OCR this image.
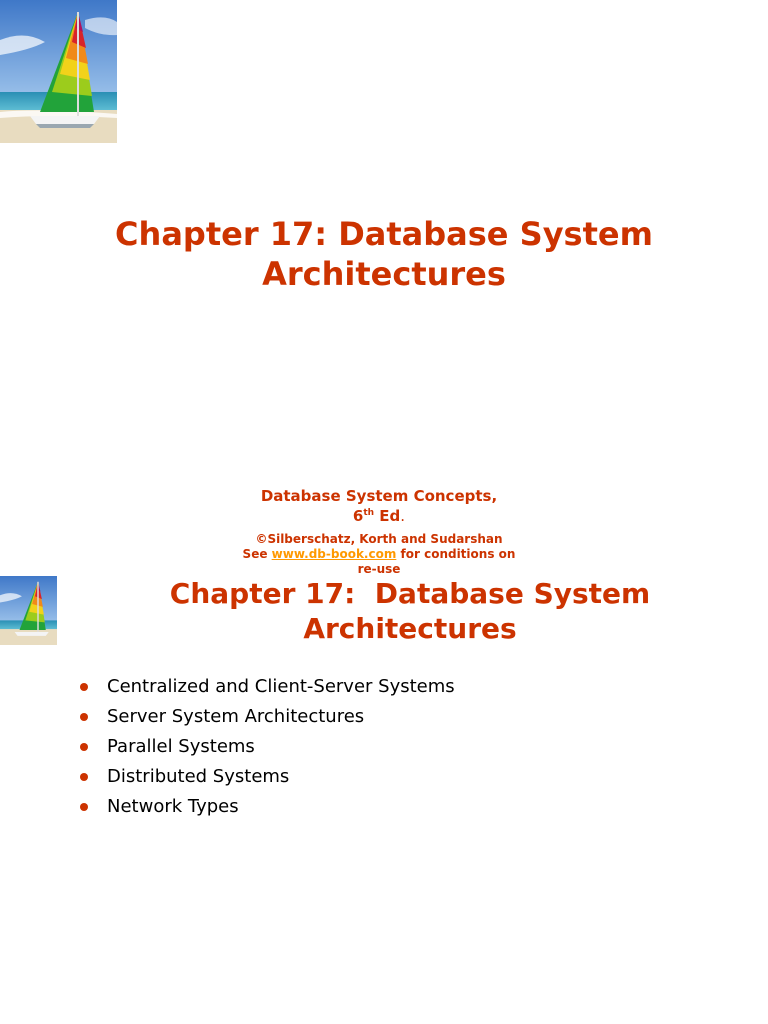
Chapter 17: Database System
Architectures
Database System Concepts,
6th Ed.
©Silberschatz, Korth and Sudarshan
See www.db-book.com for conditions on
re-use
Chapter 17:  Database System
Architectures
Centralized and Client-Server Systems
Server System Architectures
Parallel Systems
Distributed Systems
Network Types
